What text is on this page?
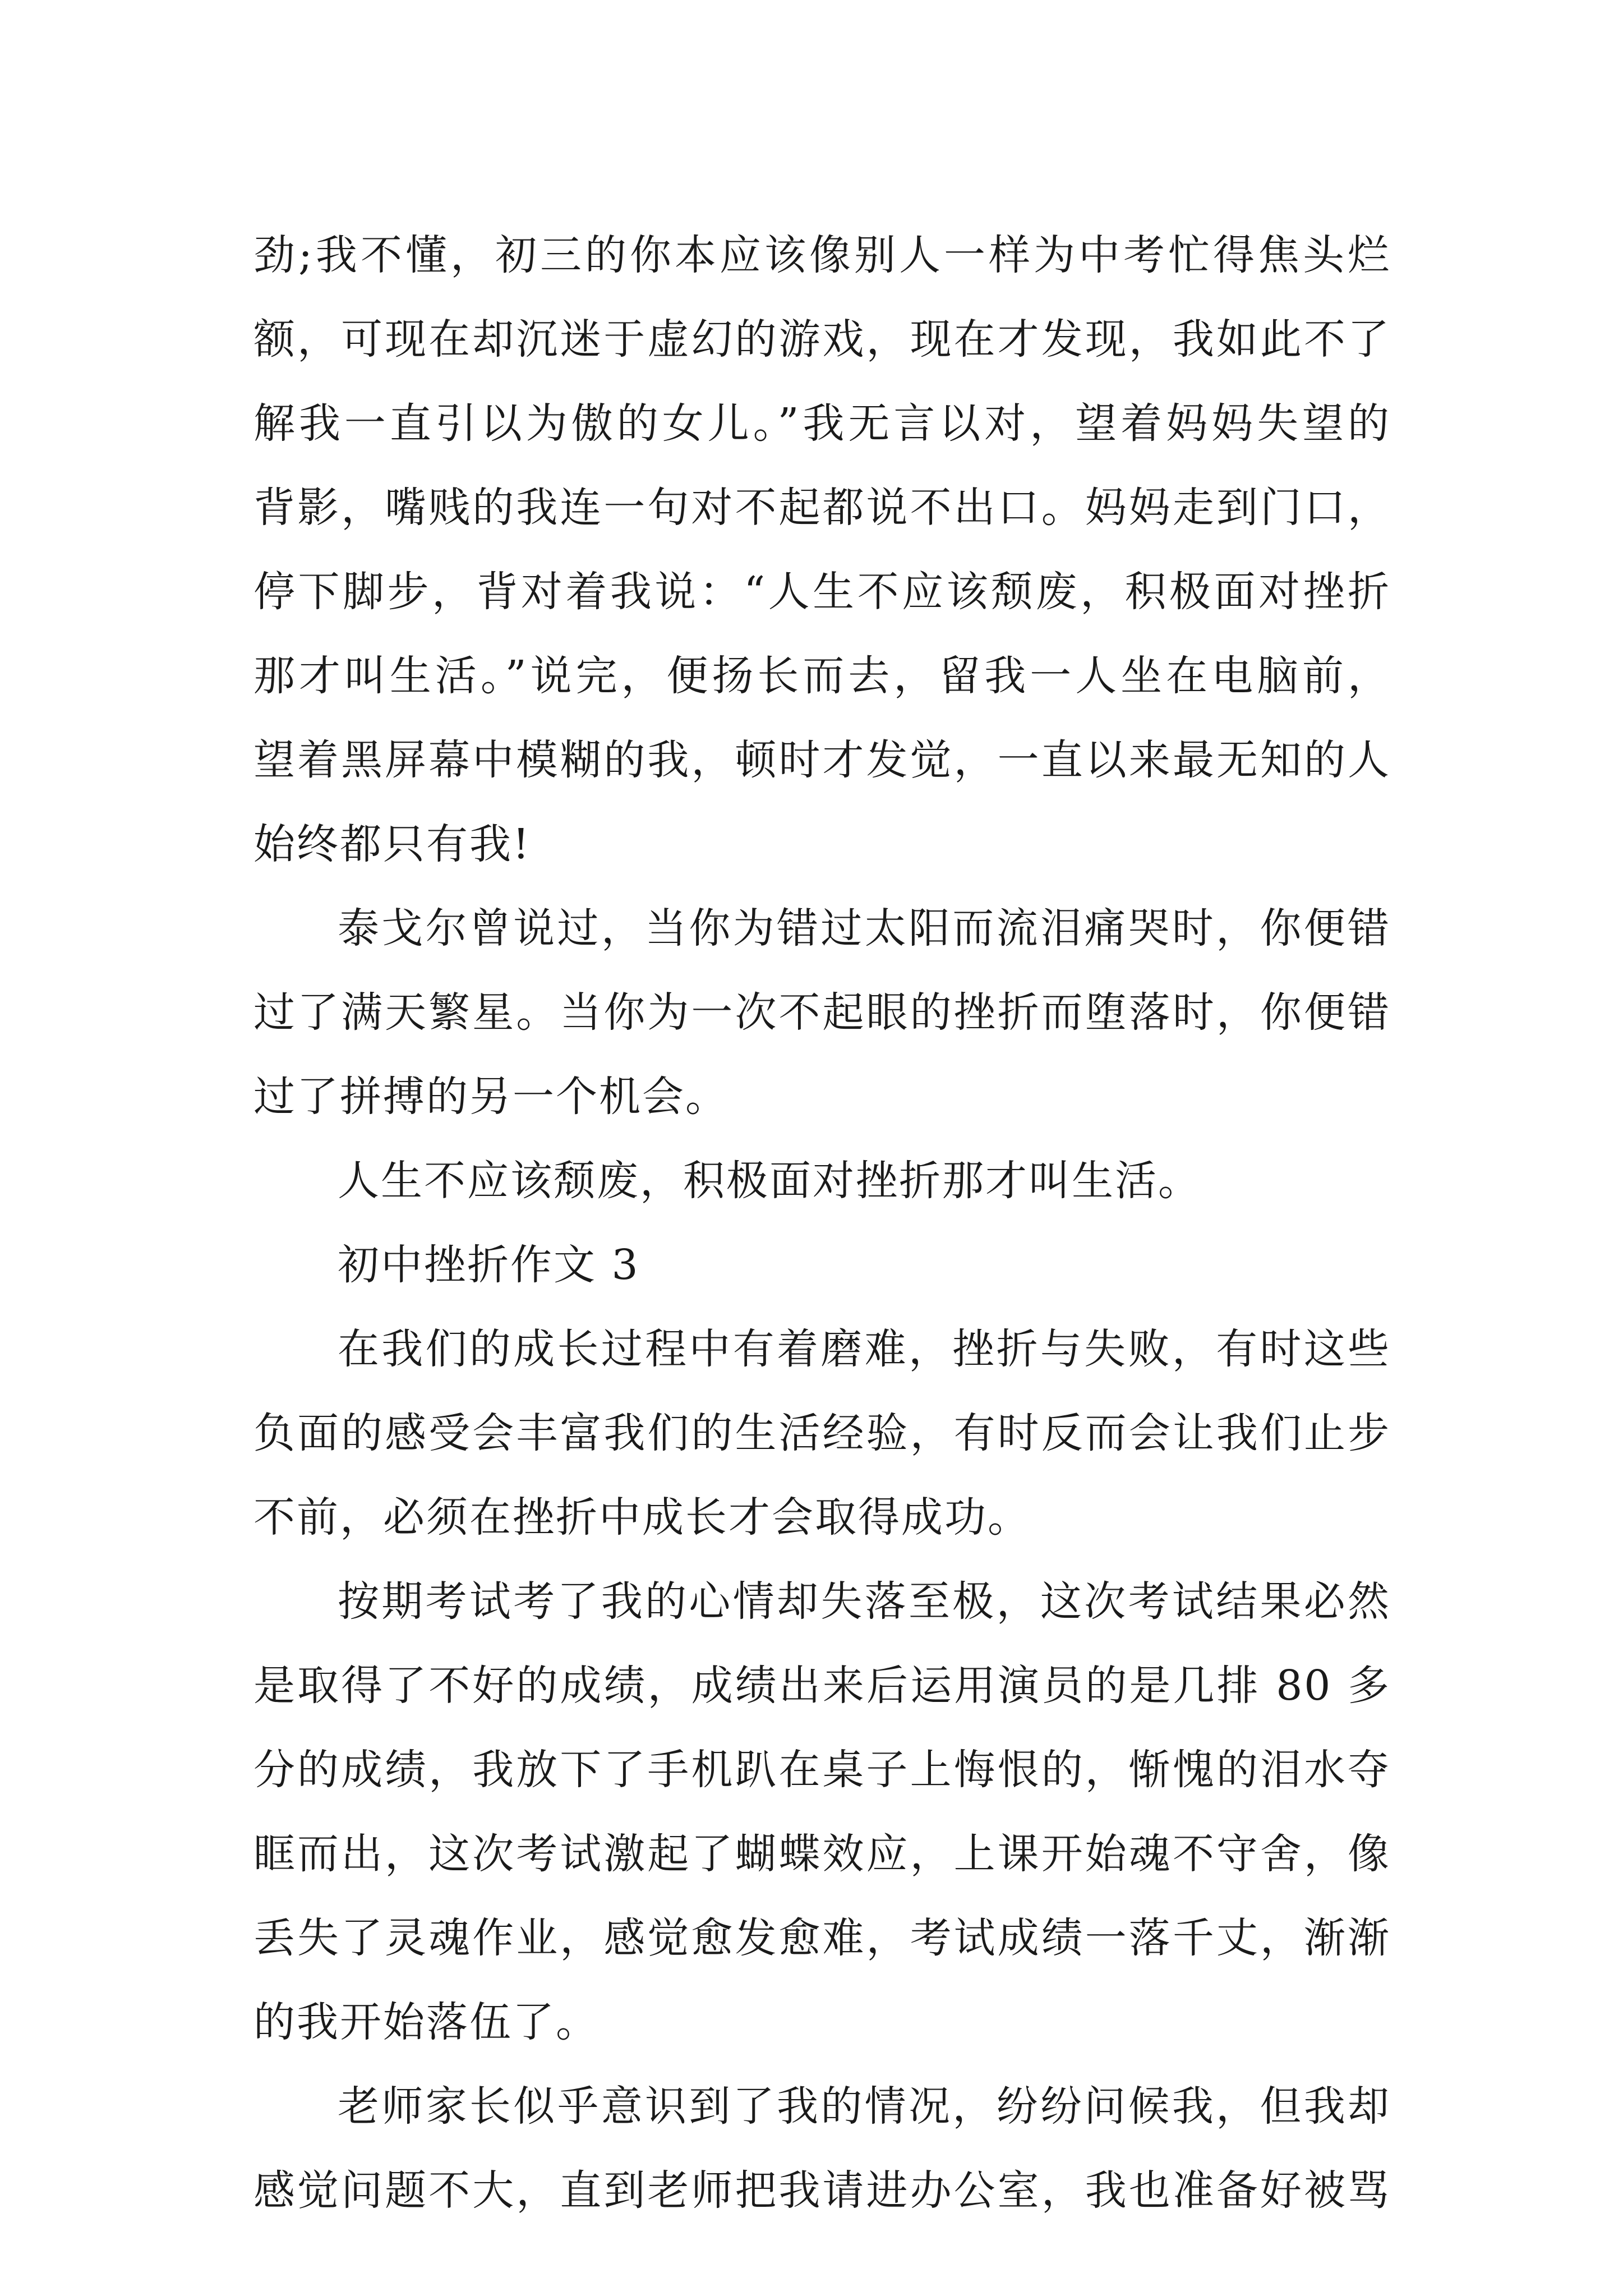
劲;我不懂，初三的你本应该像别人一样为中考忙得焦头烂
额，可现在却沉迷于虚幻的游戏，现在才发现，我如此不了
解我一直引以为傲的女儿。”我无言以对，望着妈妈失望的
背影，嘴贱的我连一句对不起都说不出口。妈妈走到门口，
停下脚步，背对着我说：“人生不应该颓废，积极面对挫折
那才叫生活。”说完，便扬长而去，留我一人坐在电脑前，
望着黑屏幕中模糊的我，顿时才发觉，一直以来最无知的人
始终都只有我!
泰戈尔曾说过，当你为错过太阳而流泪痛哭时，你便错
过了满天繁星。当你为一次不起眼的挫折而堕落时，你便错
过了拼搏的另一个机会。
人生不应该颓废，积极面对挫折那才叫生活。
初中挫折作文 3
在我们的成长过程中有着磨难，挫折与失败，有时这些
负面的感受会丰富我们的生活经验，有时反而会让我们止步
不前，必须在挫折中成长才会取得成功。
按期考试考了我的心情却失落至极，这次考试结果必然
是取得了不好的成绩，成绩出来后运用演员的是几排 80 多
分的成绩，我放下了手机趴在桌子上悔恨的，惭愧的泪水夺
眶而出，这次考试激起了蝴蝶效应，上课开始魂不守舍，像
丢失了灵魂作业，感觉愈发愈难，考试成绩一落千丈，渐渐
的我开始落伍了。
老师家长似乎意识到了我的情况，纷纷问候我，但我却
感觉问题不大，直到老师把我请进办公室，我也准备好被骂
